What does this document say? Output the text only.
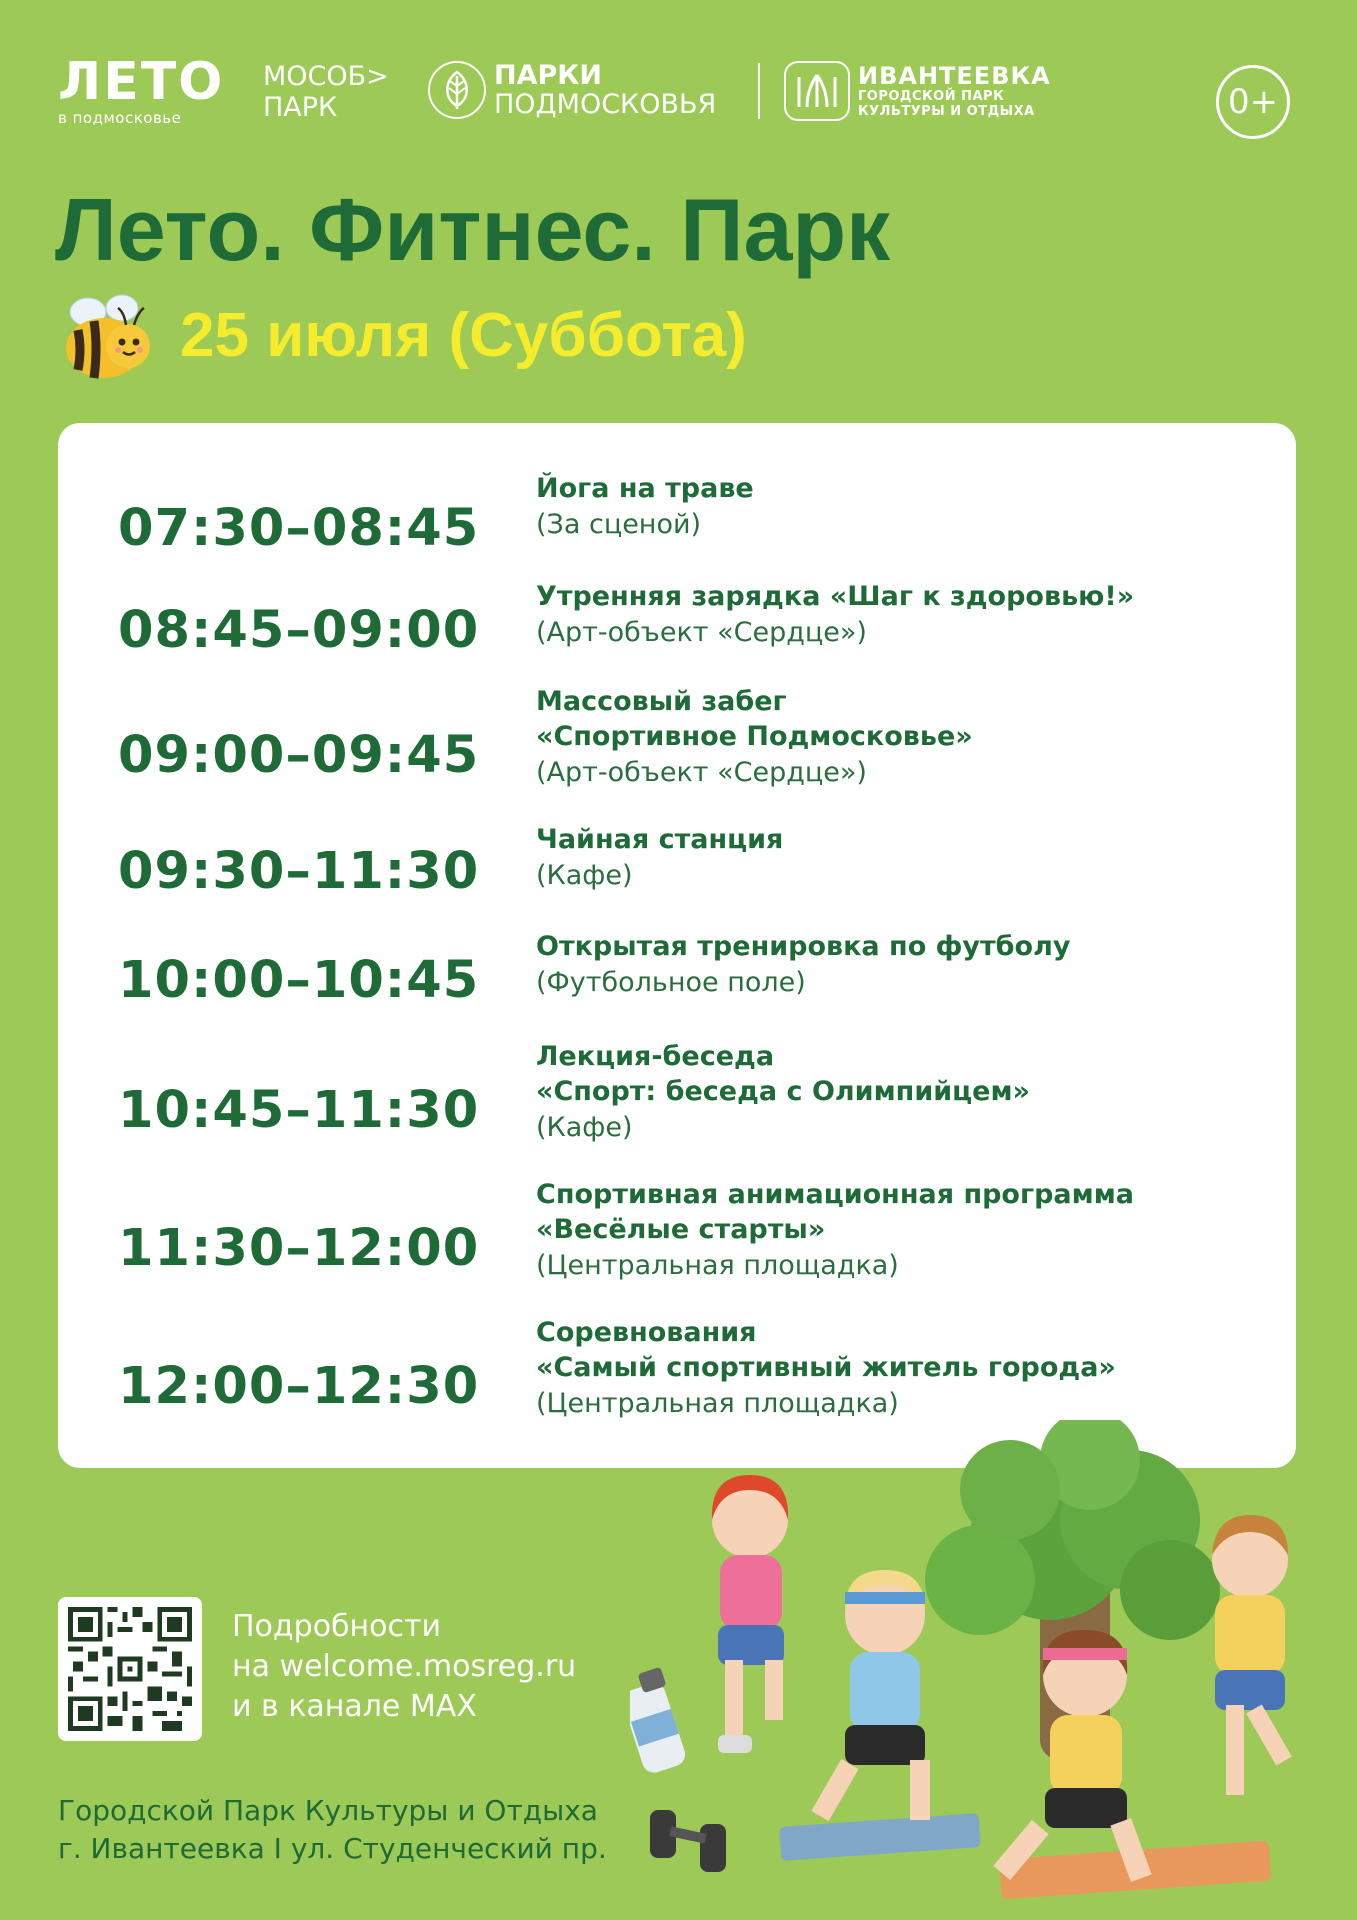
ЛЕТО
в подмосковье
МОСОБ>
ПАРК
ПАРКИ
ПОДМОСКОВЬЯ
ИВАНТЕЕВКА
ГОРОДСКОЙ ПАРК
КУЛЬТУРЫ И ОТДЫХА	0+
Лето. Фитнес. Парк
25 июля (Суббота)
07:30–08:45
Йога на траве
(За сценой)
08:45–09:00
Утренняя зарядка «Шаг к здоровью!»
(Арт-объект «Сердце»)
09:00–09:45
Массовый забег
«Спортивное Подмосковье»
(Арт-объект «Сердце»)
09:30–11:30
Чайная станция
(Кафе)
10:00–10:45
Открытая тренировка по футболу
(Футбольное поле)
10:45–11:30
Лекция-беседа
«Спорт: беседа с Олимпийцем»
(Кафе)
11:30–12:00
Спортивная анимационная программа
«Весёлые старты»
(Центральная площадка)
12:00–12:30
Соревнования
«Самый спортивный житель города»
(Центральная площадка)
Подробности
на welcome.mosreg.ru
и в канале MAX
Городской Парк Культуры и Отдыха
г. Ивантеевка I ул. Студенческий пр.
